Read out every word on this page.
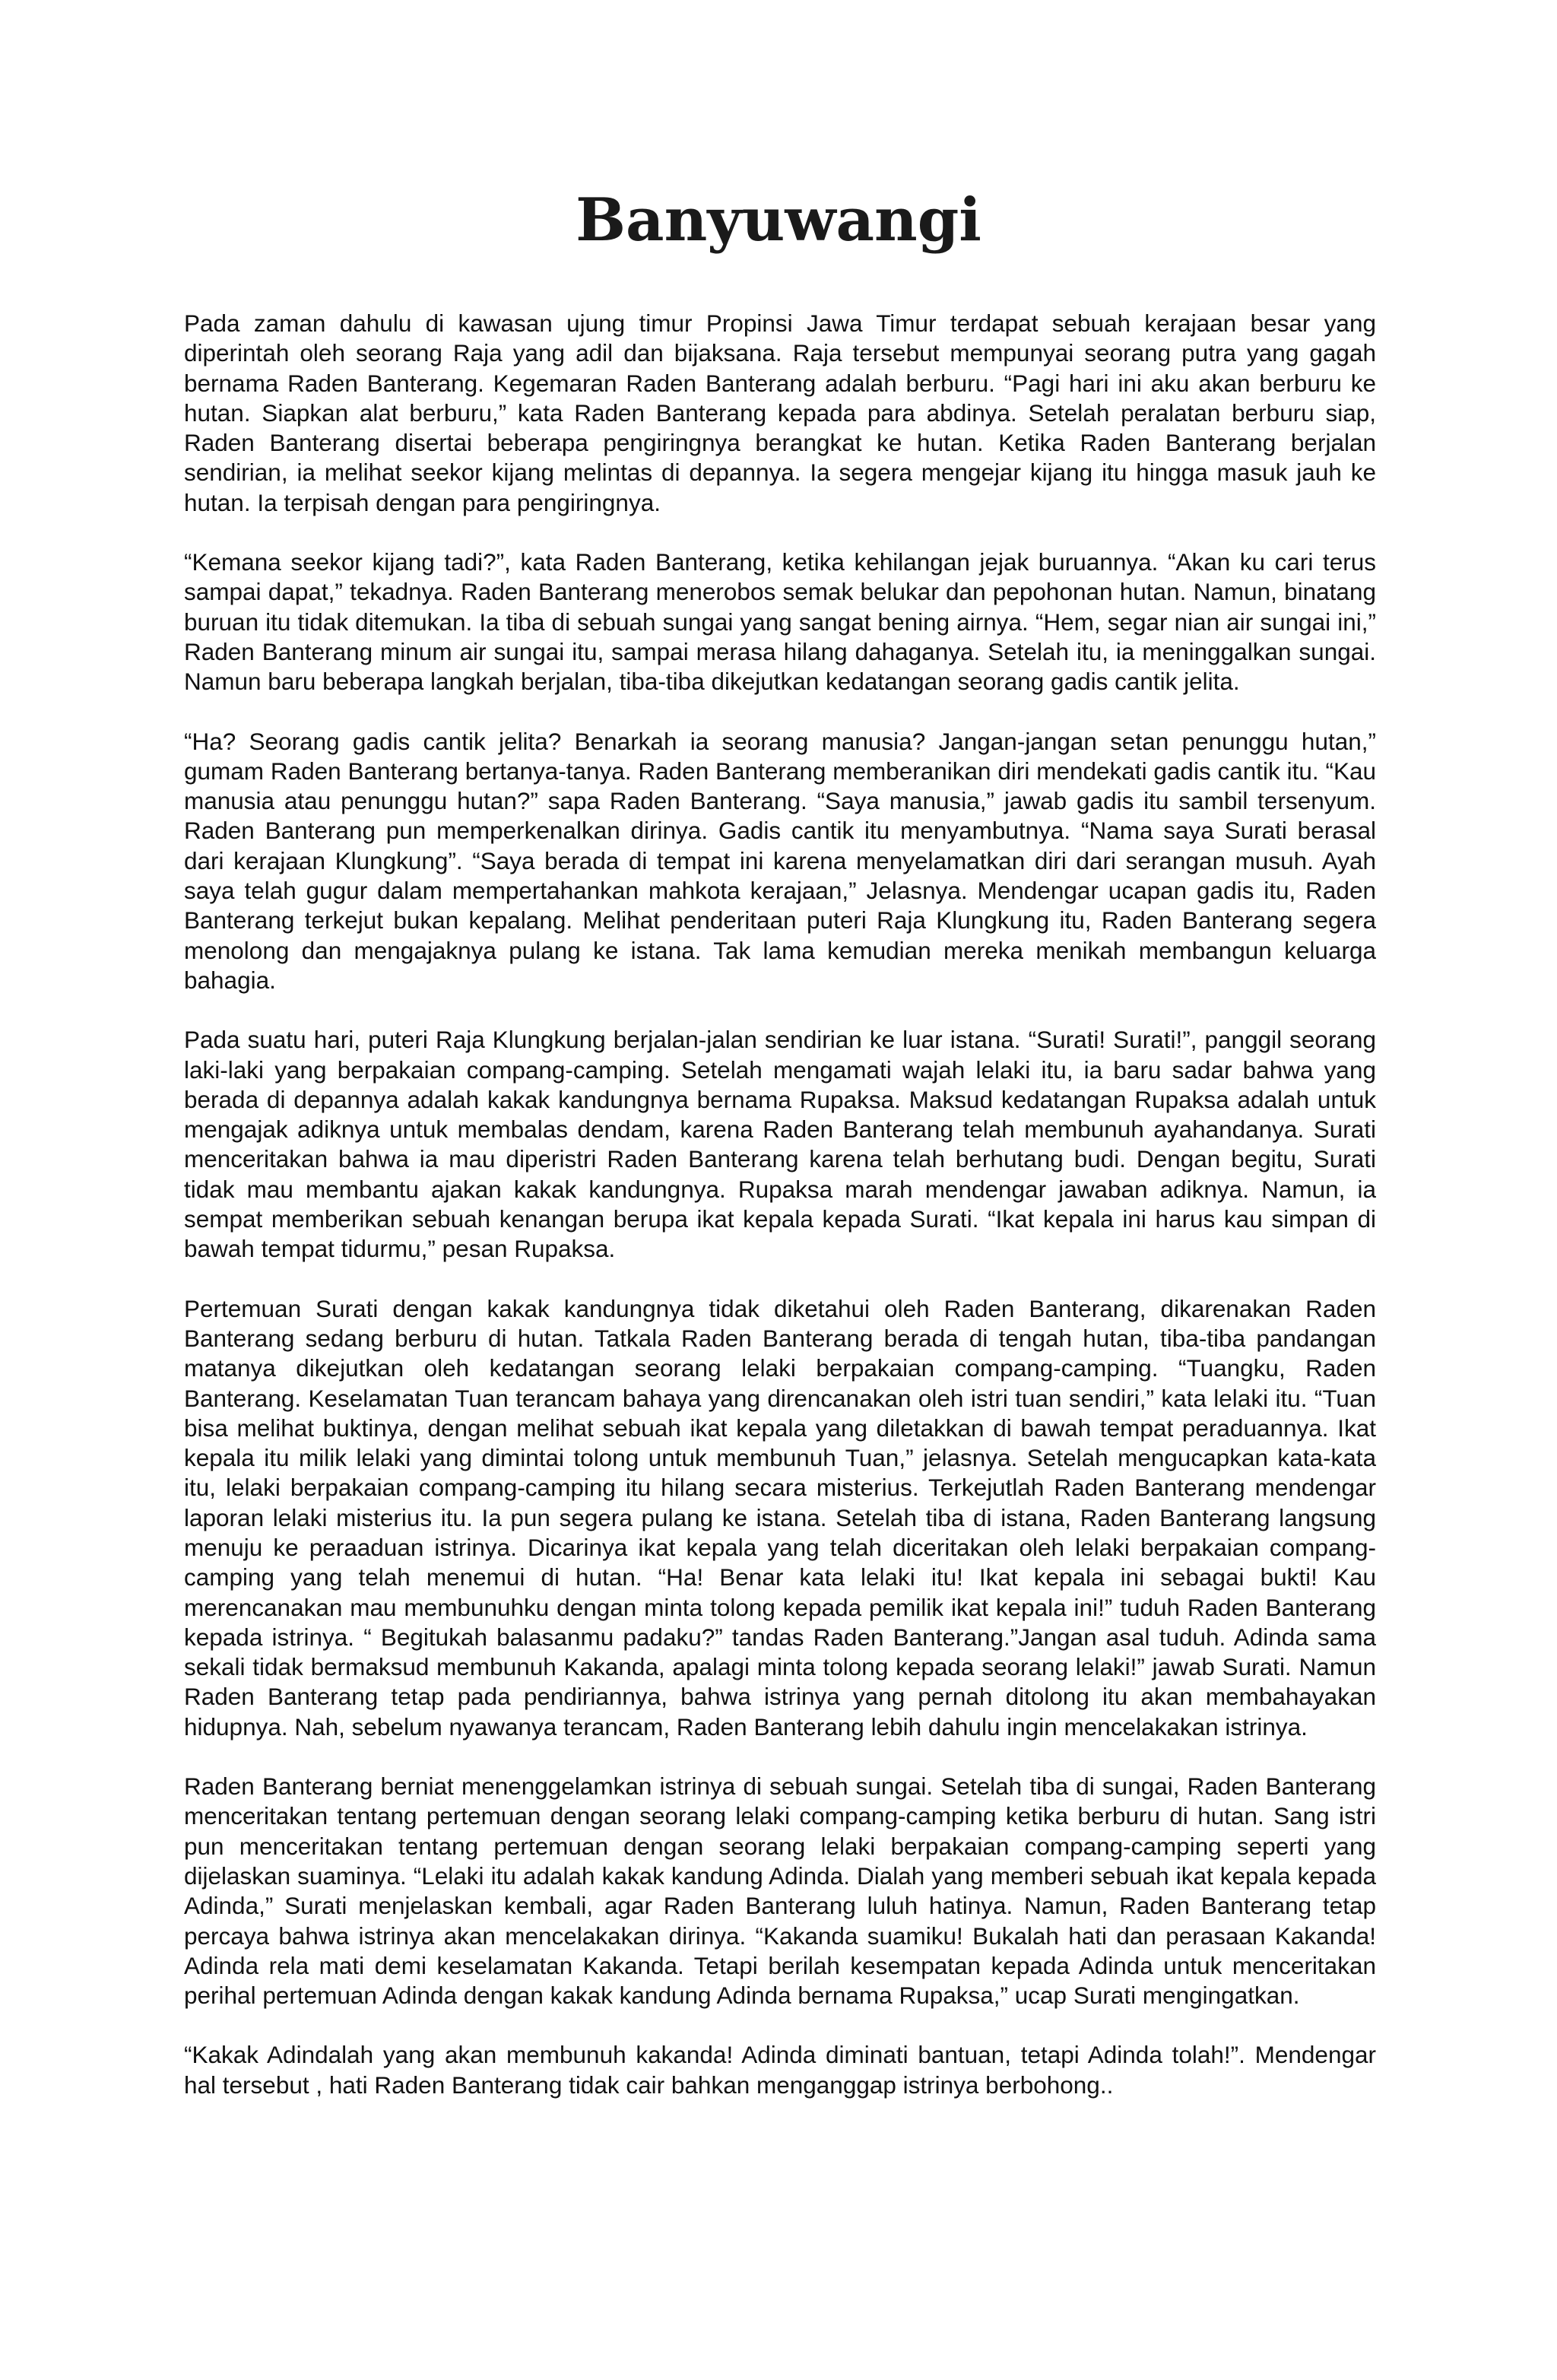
Banyuwangi

Pada zaman dahulu di kawasan ujung timur Propinsi Jawa Timur terdapat sebuah kerajaan besar yang diperintah oleh seorang Raja yang adil dan bijaksana. Raja tersebut mempunyai seorang putra yang gagah bernama Raden Banterang. Kegemaran Raden Banterang adalah berburu. “Pagi hari ini aku akan berburu ke hutan. Siapkan alat berburu,” kata Raden Banterang kepada para abdinya. Setelah peralatan berburu siap, Raden Banterang disertai beberapa pengiringnya berangkat ke hutan. Ketika Raden Banterang berjalan sendirian, ia melihat seekor kijang melintas di depannya. Ia segera mengejar kijang itu hingga masuk jauh ke hutan. Ia terpisah dengan para pengiringnya.

“Kemana seekor kijang tadi?”, kata Raden Banterang, ketika kehilangan jejak buruannya. “Akan ku cari terus sampai dapat,” tekadnya. Raden Banterang menerobos semak belukar dan pepohonan hutan. Namun, binatang buruan itu tidak ditemukan. Ia tiba di sebuah sungai yang sangat bening airnya. “Hem, segar nian air sungai ini,” Raden Banterang minum air sungai itu, sampai merasa hilang dahaganya. Setelah itu, ia meninggalkan sungai. Namun baru beberapa langkah berjalan, tiba-tiba dikejutkan kedatangan seorang gadis cantik jelita.

“Ha? Seorang gadis cantik jelita? Benarkah ia seorang manusia? Jangan-jangan setan penunggu hutan,” gumam Raden Banterang bertanya-tanya. Raden Banterang memberanikan diri mendekati gadis cantik itu. “Kau manusia atau penunggu hutan?” sapa Raden Banterang. “Saya manusia,” jawab gadis itu sambil tersenyum. Raden Banterang pun memperkenalkan dirinya. Gadis cantik itu menyambutnya. “Nama saya Surati berasal dari kerajaan Klungkung”. “Saya berada di tempat ini karena menyelamatkan diri dari serangan musuh. Ayah saya telah gugur dalam mempertahankan mahkota kerajaan,” Jelasnya. Mendengar ucapan gadis itu, Raden Banterang terkejut bukan kepalang. Melihat penderitaan puteri Raja Klungkung itu, Raden Banterang segera menolong dan mengajaknya pulang ke istana. Tak lama kemudian mereka menikah membangun keluarga bahagia.

Pada suatu hari, puteri Raja Klungkung berjalan-jalan sendirian ke luar istana. “Surati! Surati!”, panggil seorang laki-laki yang berpakaian compang-camping. Setelah mengamati wajah lelaki itu, ia baru sadar bahwa yang berada di depannya adalah kakak kandungnya bernama Rupaksa. Maksud kedatangan Rupaksa adalah untuk mengajak adiknya untuk membalas dendam, karena Raden Banterang telah membunuh ayahandanya. Surati menceritakan bahwa ia mau diperistri Raden Banterang karena telah berhutang budi. Dengan begitu, Surati tidak mau membantu ajakan kakak kandungnya. Rupaksa marah mendengar jawaban adiknya. Namun, ia sempat memberikan sebuah kenangan berupa ikat kepala kepada Surati. “Ikat kepala ini harus kau simpan di bawah tempat tidurmu,” pesan Rupaksa.

Pertemuan Surati dengan kakak kandungnya tidak diketahui oleh Raden Banterang, dikarenakan Raden Banterang sedang berburu di hutan. Tatkala Raden Banterang berada di tengah hutan, tiba-tiba pandangan matanya dikejutkan oleh kedatangan seorang lelaki berpakaian compang-camping. “Tuangku, Raden Banterang. Keselamatan Tuan terancam bahaya yang direncanakan oleh istri tuan sendiri,” kata lelaki itu. “Tuan bisa melihat buktinya, dengan melihat sebuah ikat kepala yang diletakkan di bawah tempat peraduannya. Ikat kepala itu milik lelaki yang dimintai tolong untuk membunuh Tuan,” jelasnya. Setelah mengucapkan kata-kata itu, lelaki berpakaian compang-camping itu hilang secara misterius. Terkejutlah Raden Banterang mendengar laporan lelaki misterius itu. Ia pun segera pulang ke istana. Setelah tiba di istana, Raden Banterang langsung menuju ke peraaduan istrinya. Dicarinya ikat kepala yang telah diceritakan oleh lelaki berpakaian compang-camping yang telah menemui di hutan. “Ha! Benar kata lelaki itu! Ikat kepala ini sebagai bukti! Kau merencanakan mau membunuhku dengan minta tolong kepada pemilik ikat kepala ini!” tuduh Raden Banterang kepada istrinya. “ Begitukah balasanmu padaku?” tandas Raden Banterang.”Jangan asal tuduh. Adinda sama sekali tidak bermaksud membunuh Kakanda, apalagi minta tolong kepada seorang lelaki!” jawab Surati. Namun Raden Banterang tetap pada pendiriannya, bahwa istrinya yang pernah ditolong itu akan membahayakan hidupnya. Nah, sebelum nyawanya terancam, Raden Banterang lebih dahulu ingin mencelakakan istrinya.

Raden Banterang berniat menenggelamkan istrinya di sebuah sungai. Setelah tiba di sungai, Raden Banterang menceritakan tentang pertemuan dengan seorang lelaki compang-camping ketika berburu di hutan. Sang istri pun menceritakan tentang pertemuan dengan seorang lelaki berpakaian compang-camping seperti yang dijelaskan suaminya. “Lelaki itu adalah kakak kandung Adinda. Dialah yang memberi sebuah ikat kepala kepada Adinda,” Surati menjelaskan kembali, agar Raden Banterang luluh hatinya. Namun, Raden Banterang tetap percaya bahwa istrinya akan mencelakakan dirinya. “Kakanda suamiku! Bukalah hati dan perasaan Kakanda! Adinda rela mati demi keselamatan Kakanda. Tetapi berilah kesempatan kepada Adinda untuk menceritakan perihal pertemuan Adinda dengan kakak kandung Adinda bernama Rupaksa,” ucap Surati mengingatkan.

“Kakak Adindalah yang akan membunuh kakanda! Adinda diminati bantuan, tetapi Adinda tolah!”. Mendengar hal tersebut , hati Raden Banterang tidak cair bahkan menganggap istrinya berbohong..
